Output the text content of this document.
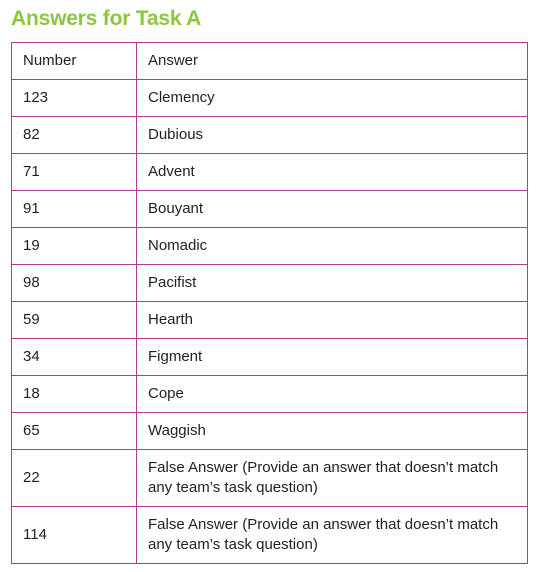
Answers for Task A
Number	Answer
123	Clemency
82	Dubious
71	Advent
91	Bouyant
19	Nomadic
98	Pacifist
59	Hearth
34	Figment
18	Cope
65	Waggish
22	False Answer (Provide an answer that doesn’t match any team’s task question)
114	False Answer (Provide an answer that doesn’t match any team’s task question)
